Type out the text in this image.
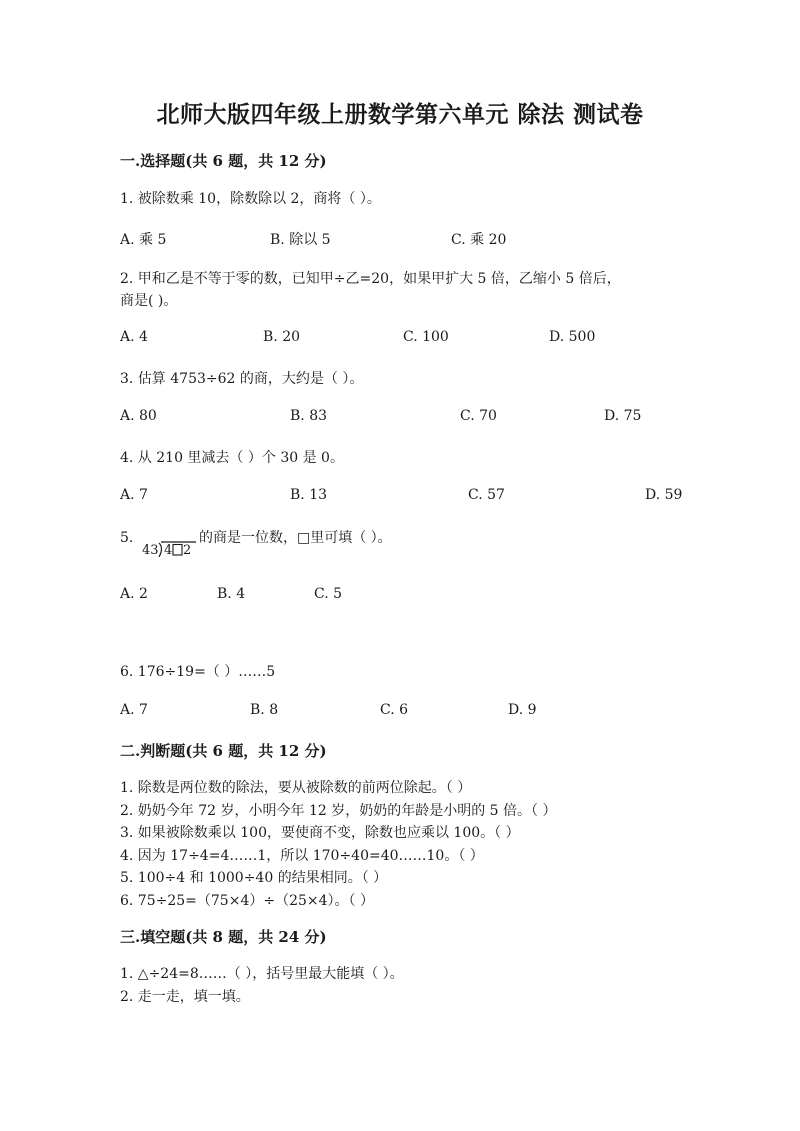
北师大版四年级上册数学第六单元 除法 测试卷
一.选择题(共 6 题，共 12 分)
1. 被除数乘 10，除数除以 2，商将（ ）。
A. 乘 5	B. 除以 5	C. 乘 20
2. 甲和乙是不等于零的数，已知甲÷乙=20，如果甲扩大 5 倍，乙缩小 5 倍后，
商是( )。
A. 4	B. 20	C. 100	D. 500
3. 估算 4753÷62 的商，大约是（ ）。
A. 80	B. 83	C. 70	D. 75
4. 从 210 里减去（ ）个 30 是 0。
A. 7	B. 13	C. 57	D. 59
5.
43 4 2
的商是一位数，□里可填（ ）。
A. 2	B. 4	C. 5
6. 176÷19=（ ）……5
A. 7	B. 8	C. 6	D. 9
二.判断题(共 6 题，共 12 分)
1. 除数是两位数的除法，要从被除数的前两位除起。（ ）
2. 奶奶今年 72 岁，小明今年 12 岁，奶奶的年龄是小明的 5 倍。（ ）
3. 如果被除数乘以 100，要使商不变，除数也应乘以 100。（ ）
4. 因为 17÷4=4……1，所以 170÷40=40……10。（ ）
5. 100÷4 和 1000÷40 的结果相同。（ ）
6. 75÷25=（75×4）÷（25×4）。（ ）
三.填空题(共 8 题，共 24 分)
1. △÷24=8……（ ），括号里最大能填（ ）。
2. 走一走，填一填。
